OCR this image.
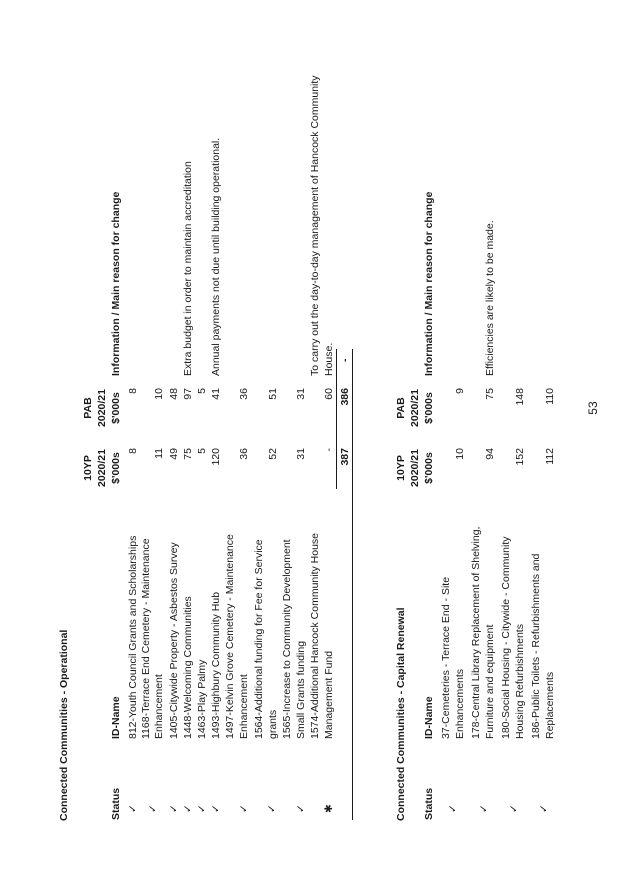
Connected Communities - Operational	Status
ID-Name
10YP 2020/21 $'000s
PAB 2020/21 $'000s
Information / Main reason for change
✓
812-Youth Council Grants and Scholarships
8
8
✓
1168-Terrace End Cemetery - Maintenance Enhancement
11
10
✓
1405-Citywide Property - Asbestos Survey
49
48
✓
1448-Welcoming Communities
75
97
Extra budget in order to maintain accreditation
✓
1463-Play Palmy
5
5
✓
1493-Highbury Community Hub
120
41
Annual payments not due until building operational.
✓
1497-Kelvin Grove Cemetery - Maintenance Enhancement
36
36
✓
1564-Additional funding for Fee for Service grants
52
51
✓
1565-Increase to Community Development Small Grants funding
31
31
✱
1574-Additional Hancock Community House Management Fund
-
60
To carry out the day-to-day management of Hancock Community House.
387
386
-
Connected Communities - Capital Renewal Status
ID-Name
10YP 2020/21 $'000s
PAB 2020/21 $'000s
Information / Main reason for change
✓
37-Cemeteries - Terrace End - Site Enhancements
10
9
✓
178-Central Library Replacement of Shelving, Furniture and equipment
94
75
Efficiencies are likely to be made.
✓
180-Social Housing - Citywide - Community Housing Refurbishments
152
148
✓
186-Public Toilets - Refurbishments and Replacements
112
110
53
